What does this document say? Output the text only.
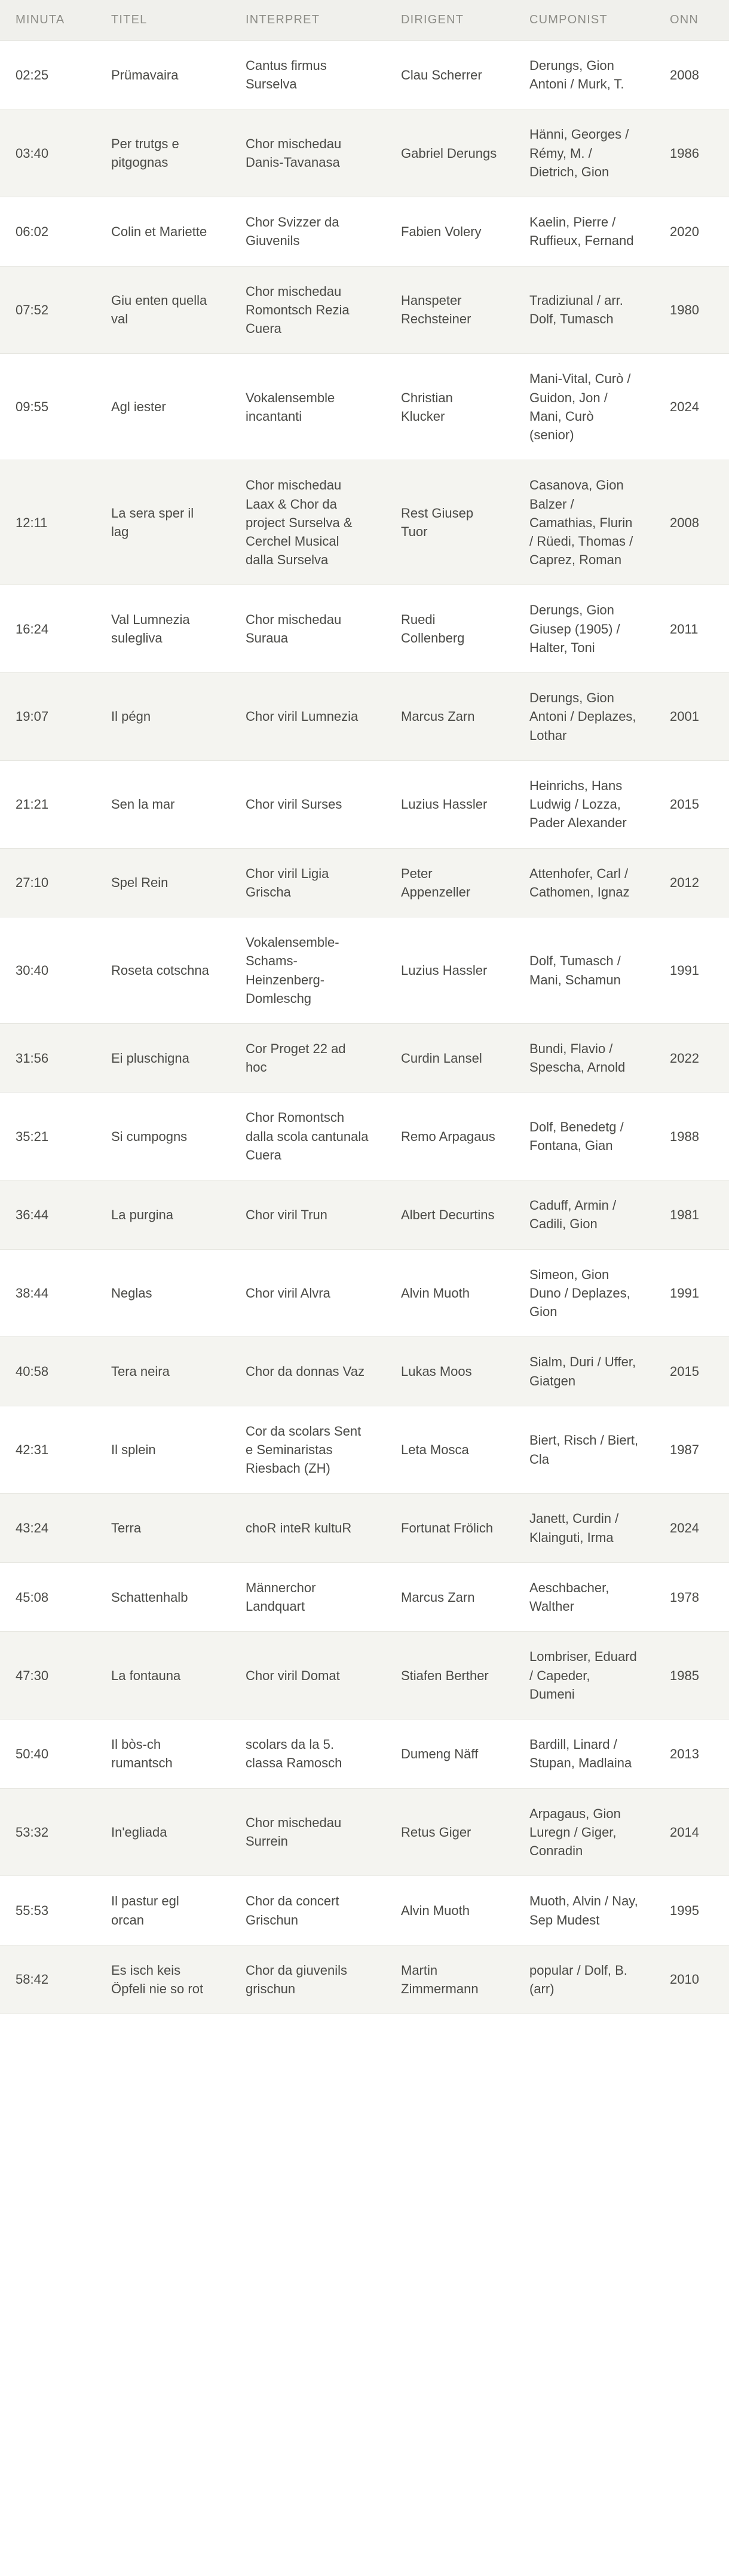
MINUTA	TITEL	INTERPRET	DIRIGENT	CUMPONIST	ONN
02:25	Prümavaira	Cantus firmus Surselva	Clau Scherrer	Derungs, Gion Antoni / Murk, T.	2008
03:40	Per trutgs e pitgognas	Chor mischedau Danis-Tavanasa	Gabriel Derungs	Hänni, Georges / Rémy, M. / Dietrich, Gion	1986
06:02	Colin et Mariette	Chor Svizzer da Giuvenils	Fabien Volery	Kaelin, Pierre / Ruffieux, Fernand	2020
07:52	Giu enten quella val	Chor mischedau Romontsch Rezia Cuera	Hanspeter Rechsteiner	Tradiziunal / arr. Dolf, Tumasch	1980
09:55	Agl iester	Vokalensemble incantanti	Christian Klucker	Mani-Vital, Curò / Guidon, Jon / Mani, Curò (senior)	2024
12:11	La sera sper il lag	Chor mischedau Laax & Chor da project Surselva & Cerchel Musical dalla Surselva	Rest Giusep Tuor	Casanova, Gion Balzer / Camathias, Flurin / Rüedi, Thomas / Caprez, Roman	2008
16:24	Val Lumnezia sulegliva	Chor mischedau Suraua	Ruedi Collenberg	Derungs, Gion Giusep (1905) / Halter, Toni	2011
19:07	Il pégn	Chor viril Lumnezia	Marcus Zarn	Derungs, Gion Antoni / Deplazes, Lothar	2001
21:21	Sen la mar	Chor viril Surses	Luzius Hassler	Heinrichs, Hans Ludwig / Lozza, Pader Alexander	2015
27:10	Spel Rein	Chor viril Ligia Grischa	Peter Appenzeller	Attenhofer, Carl / Cathomen, Ignaz	2012
30:40	Roseta cotschna	Vokalensemble-Schams-Heinzenberg-Domleschg	Luzius Hassler	Dolf, Tumasch / Mani, Schamun	1991
31:56	Ei pluschigna	Cor Proget 22 ad hoc	Curdin Lansel	Bundi, Flavio / Spescha, Arnold	2022
35:21	Si cumpogns	Chor Romontsch dalla scola cantunala Cuera	Remo Arpagaus	Dolf, Benedetg / Fontana, Gian	1988
36:44	La purgina	Chor viril Trun	Albert Decurtins	Caduff, Armin / Cadili, Gion	1981
38:44	Neglas	Chor viril Alvra	Alvin Muoth	Simeon, Gion Duno / Deplazes, Gion	1991
40:58	Tera neira	Chor da donnas Vaz	Lukas Moos	Sialm, Duri / Uffer, Giatgen	2015
42:31	Il splein	Cor da scolars Sent e Seminaristas Riesbach (ZH)	Leta Mosca	Biert, Risch / Biert, Cla	1987
43:24	Terra	choR inteR kultuR	Fortunat Frölich	Janett, Curdin / Klainguti, Irma	2024
45:08	Schattenhalb	Männerchor Landquart	Marcus Zarn	Aeschbacher, Walther	1978
47:30	La fontauna	Chor viril Domat	Stiafen Berther	Lombriser, Eduard / Capeder, Dumeni	1985
50:40	Il bòs-ch rumantsch	scolars da la 5. classa Ramosch	Dumeng Näff	Bardill, Linard / Stupan, Madlaina	2013
53:32	In'egliada	Chor mischedau Surrein	Retus Giger	Arpagaus, Gion Luregn / Giger, Conradin	2014
55:53	Il pastur egl orcan	Chor da concert Grischun	Alvin Muoth	Muoth, Alvin / Nay, Sep Mudest	1995
58:42	Es isch keis Öpfeli nie so rot	Chor da giuvenils grischun	Martin Zimmermann	popular / Dolf, B. (arr)	2010
